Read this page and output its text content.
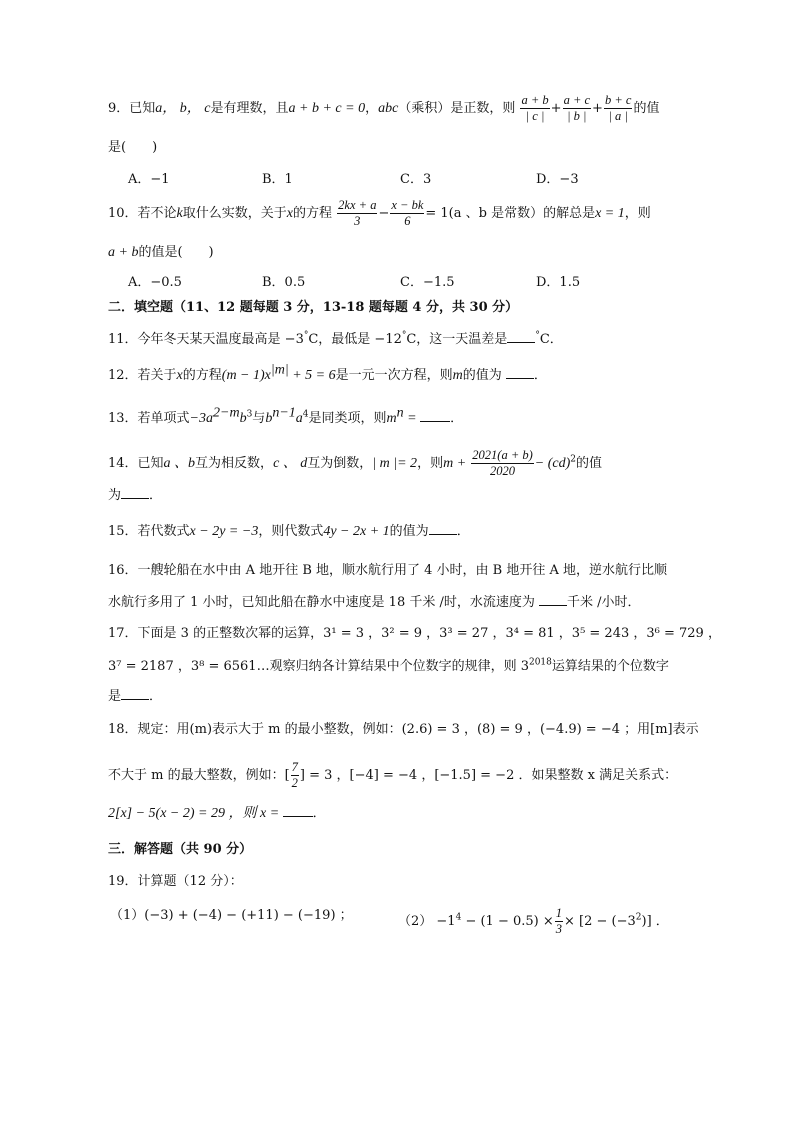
9．已知a， b， c是有理数，且a + b + c = 0，abc（乘积）是正数，则 $\frac{a + b}{| c |} + \frac{a + c}{| b |} + \frac{b + c}{| a |}$ 的值
是(　　)
A．−1	B．1	C．3	D．−3
10．若不论k取什么实数，关于x的方程 $\frac{2kx + a}{3} - \frac{x - bk}{6} = 1(a$ 、b 是常数）的解总是x = 1，则
a + b的值是(　　)
A．−0.5	B．0.5	C．−1.5	D．1.5
二．填空题（11、12 题每题 3 分，13-18 题每题 4 分，共 30 分）
11．今年冬天某天温度最高是 −3°C，最低是 −12°C，这一天温差是	°C．
12．若关于x的方程$(m - 1)x^{|m|} + 5 = 6$是一元一次方程，则m的值为 ．
13．若单项式$-3a^{2-m}b^3$与$b^{n-1}a^4$是同类项，则$m^n$ = ．
14．已知a 、b互为相反数，c 、 d互为倒数，| m |= 2，则$m + \frac{2021(a + b)}{2020} - (cd)^2$的值
为 ．
15．若代数式x − 2y = −3，则代数式4y − 2x + 1的值为 ．
16．一艘轮船在水中由 A 地开往 B 地，顺水航行用了 4 小时，由 B 地开往 A 地，逆水航行比顺
水航行多用了 1 小时，已知此船在静水中速度是 18 千米 /时，水流速度为 千米 /小时．
17．下面是 3 的正整数次幂的运算，3¹ = 3 ，3² = 9 ，3³ = 27 ，3⁴ = 81 ，3⁵ = 243 ，3⁶ = 729 ，
3⁷ = 2187 ，3⁸ = 6561…观察归纳各计算结果中个位数字的规律，则 $3^{2018}$运算结果的个位数字
是 ．
18．规定：用(m)表示大于 m 的最小整数，例如：(2.6) = 3 ，(8) = 9 ，(−4.9) = −4 ；用[m]表示
不大于 m 的最大整数，例如：[ $\frac{7}{2}$ ] = 3 ，[−4] = −4 ，[−1.5] = −2 ．如果整数 x 满足关系式：
2[x] − 5(x − 2) = 29 ，则 x = ．
三．解答题（共 90 分）
19．计算题（12 分）：
（1）(−3) + (−4) − (+11) − (−19) ；	$(2) -1^4 - (1 - 0.5) \times \frac{1}{3} \times [2 - (-3^2)]$ ．
